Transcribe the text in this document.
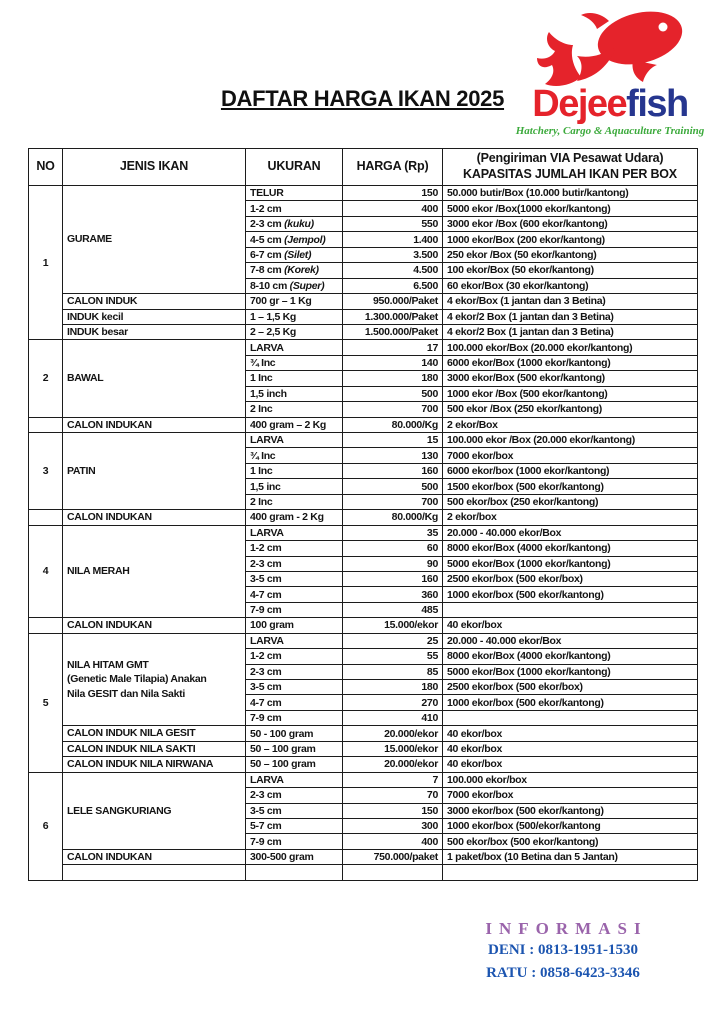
DAFTAR HARGA IKAN 2025 Dejeefish
Hatchery, Cargo & Aquaculture Training
NO	JENIS IKAN	UKURAN	HARGA (Rp)	(Pengiriman VIA Pesawat Udara)
KAPASITAS JUMLAH IKAN PER BOX

1	GURAME	TELUR	150	50.000 butir/Box (10.000 butir/kantong)
		1-2 cm	400	5000 ekor /Box(1000 ekor/kantong)
		2-3 cm (kuku)	550	3000 ekor /Box (600 ekor/kantong)
		4-5 cm (Jempol)	1.400	1000 ekor/Box (200 ekor/kantong)
		6-7 cm (Silet)	3.500	250 ekor /Box (50 ekor/kantong)
		7-8 cm (Korek)	4.500	100 ekor/Box (50 ekor/kantong)
		8-10 cm (Super)	6.500	60 ekor/Box (30 ekor/kantong)

	CALON INDUK	700 gr – 1 Kg	950.000/Paket	4 ekor/Box (1 jantan dan 3 Betina)

	INDUK kecil	1 – 1,5 Kg	1.300.000/Paket	4 ekor/2 Box (1 jantan dan 3 Betina)

	INDUK besar	2 – 2,5 Kg	1.500.000/Paket	4 ekor/2 Box (1 jantan dan 3 Betina)
2	BAWAL	LARVA	17	100.000 ekor/Box (20.000 ekor/kantong)
		¾ Inc	140	6000 ekor/Box (1000 ekor/kantong)
		1 Inc	180	3000 ekor/Box (500 ekor/kantong)
		1,5 inch	500	1000 ekor /Box (500 ekor/kantong)
		2 Inc	700	500 ekor /Box (250 ekor/kantong)

	CALON INDUKAN	400 gram – 2 Kg	80.000/Kg	2 ekor/Box
3	PATIN	LARVA	15	100.000 ekor /Box (20.000 ekor/kantong)
		¾ Inc	130	7000 ekor/box
		1 Inc	160	6000 ekor/box (1000 ekor/kantong)
		1,5 inc	500	1500 ekor/box (500 ekor/kantong)
		2 Inc	700	500 ekor/box (250 ekor/kantong)

	CALON INDUKAN	400 gram - 2 Kg	80.000/Kg	2 ekor/box
4	NILA MERAH	LARVA	35	20.000 - 40.000 ekor/Box
		1-2 cm	60	8000 ekor/Box (4000 ekor/kantong)
		2-3 cm	90	5000 ekor/Box (1000 ekor/kantong)
		3-5 cm	160	2500 ekor/box (500 ekor/box)
		4-7 cm	360	1000 ekor/box (500 ekor/kantong)
		7-9 cm	485	

	CALON INDUKAN	100 gram	15.000/ekor	40 ekor/box
5	NILA HITAM GMT
(Genetic Male Tilapia) Anakan
Nila GESIT dan Nila Sakti	LARVA	25	20.000 - 40.000 ekor/Box
		1-2 cm	55	8000 ekor/Box (4000 ekor/kantong)
		2-3 cm	85	5000 ekor/Box (1000 ekor/kantong)
		3-5 cm	180	2500 ekor/box (500 ekor/box)
		4-7 cm	270	1000 ekor/box (500 ekor/kantong)
		7-9 cm	410	

	CALON INDUK NILA GESIT	50 - 100 gram	20.000/ekor	40 ekor/box

	CALON INDUK NILA SAKTI	50 – 100 gram	15.000/ekor	40 ekor/box

	CALON INDUK NILA NIRWANA	50 – 100 gram	20.000/ekor	40 ekor/box
6	LELE SANGKURIANG	LARVA	7	100.000 ekor/box
		2-3 cm	70	7000 ekor/box
		3-5 cm	150	3000 ekor/box (500 ekor/kantong)
		5-7 cm	300	1000 ekor/box (500/ekor/kantong
		7-9 cm	400	500 ekor/box (500 ekor/kantong)

	CALON INDUKAN	300-500 gram	750.000/paket	1 paket/box (10 Betina dan 5 Jantan)

INFORMASI
DENI : 0813-1951-1530
RATU : 0858-6423-3346
